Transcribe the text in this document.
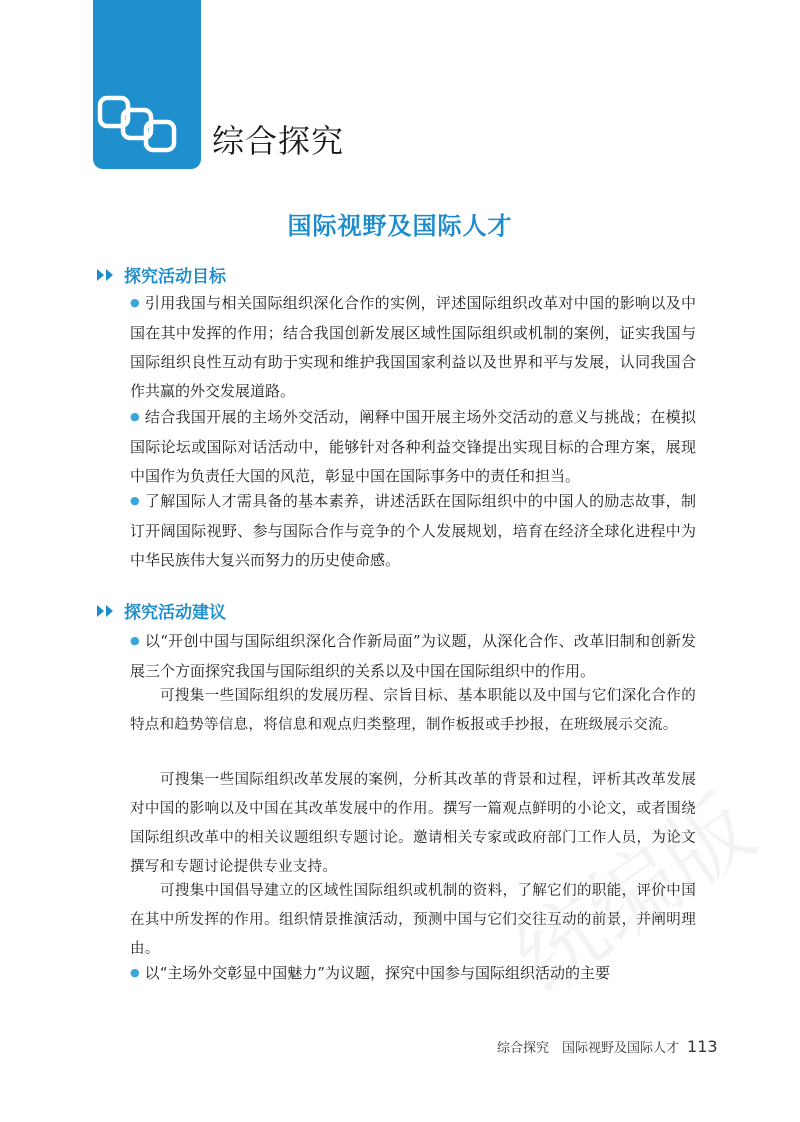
综合探究
国际视野及国际人才
探究活动目标

● 引用我国与相关国际组织深化合作的实例，评述国际组织改革对中国的影响以及中国在其中发挥的作用；结合我国创新发展区域性国际组织或机制的案例，证实我国与国际组织良性互动有助于实现和维护我国国家利益以及世界和平与发展，认同我国合作共赢的外交发展道路。

● 结合我国开展的主场外交活动，阐释中国开展主场外交活动的意义与挑战；在模拟国际论坛或国际对话活动中，能够针对各种利益交锋提出实现目标的合理方案，展现中国作为负责任大国的风范，彰显中国在国际事务中的责任和担当。

● 了解国际人才需具备的基本素养，讲述活跃在国际组织中的中国人的励志故事，制订开阔国际视野、参与国际合作与竞争的个人发展规划，培育在经济全球化进程中为中华民族伟大复兴而努力的历史使命感。

探究活动建议

● 以“开创中国与国际组织深化合作新局面”为议题，从深化合作、改革旧制和创新发展三个方面探究我国与国际组织的关系以及中国在国际组织中的作用。

可搜集一些国际组织的发展历程、宗旨目标、基本职能以及中国与它们深化合作的特点和趋势等信息，将信息和观点归类整理，制作板报或手抄报，在班级展示交流。

可搜集一些国际组织改革发展的案例，分析其改革的背景和过程，评析其改革发展对中国的影响以及中国在其改革发展中的作用。撰写一篇观点鲜明的小论文，或者围绕国际组织改革中的相关议题组织专题讨论。邀请相关专家或政府部门工作人员，为论文撰写和专题讨论提供专业支持。

可搜集中国倡导建立的区域性国际组织或机制的资料，了解它们的职能，评价中国在其中所发挥的作用。组织情景推演活动，预测中国与它们交往互动的前景，并阐明理由。

● 以“主场外交彰显中国魅力”为议题，探究中国参与国际组织活动的主要

综合探究　国际视野及国际人才 113
